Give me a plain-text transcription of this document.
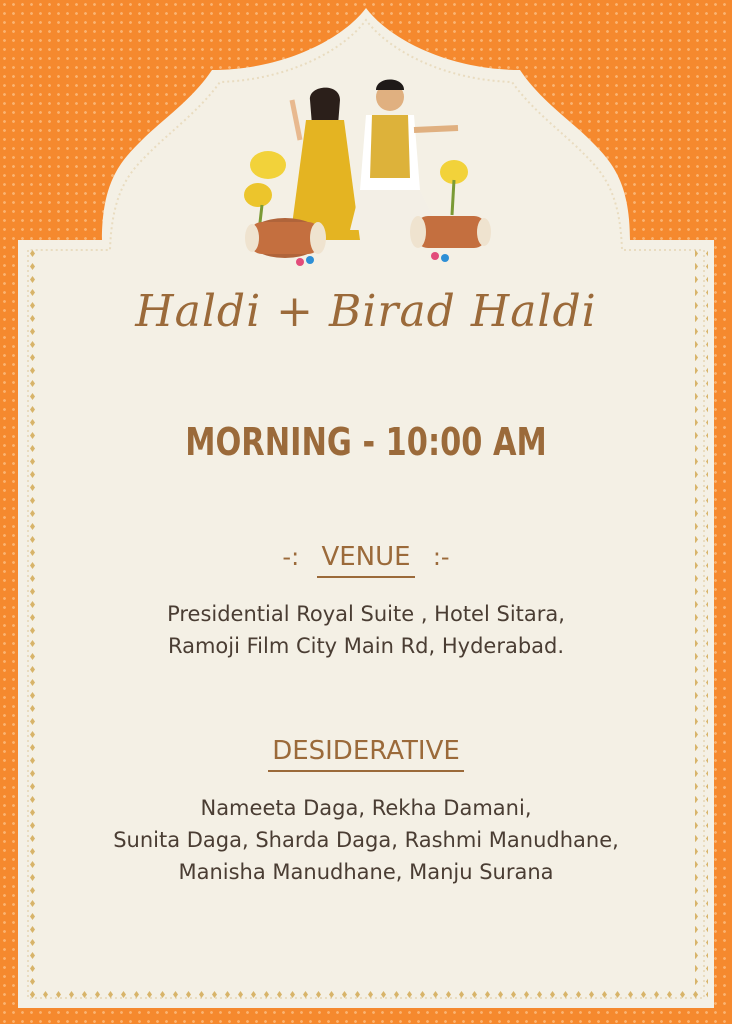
Haldi + Birad Haldi
MORNING - 10:00 AM
-: VENUE :-
Presidential Royal Suite , Hotel Sitara,
Ramoji Film City Main Rd, Hyderabad.
DESIDERATIVE
Nameeta Daga, Rekha Damani,
Sunita Daga, Sharda Daga, Rashmi Manudhane,
Manisha Manudhane, Manju Surana
